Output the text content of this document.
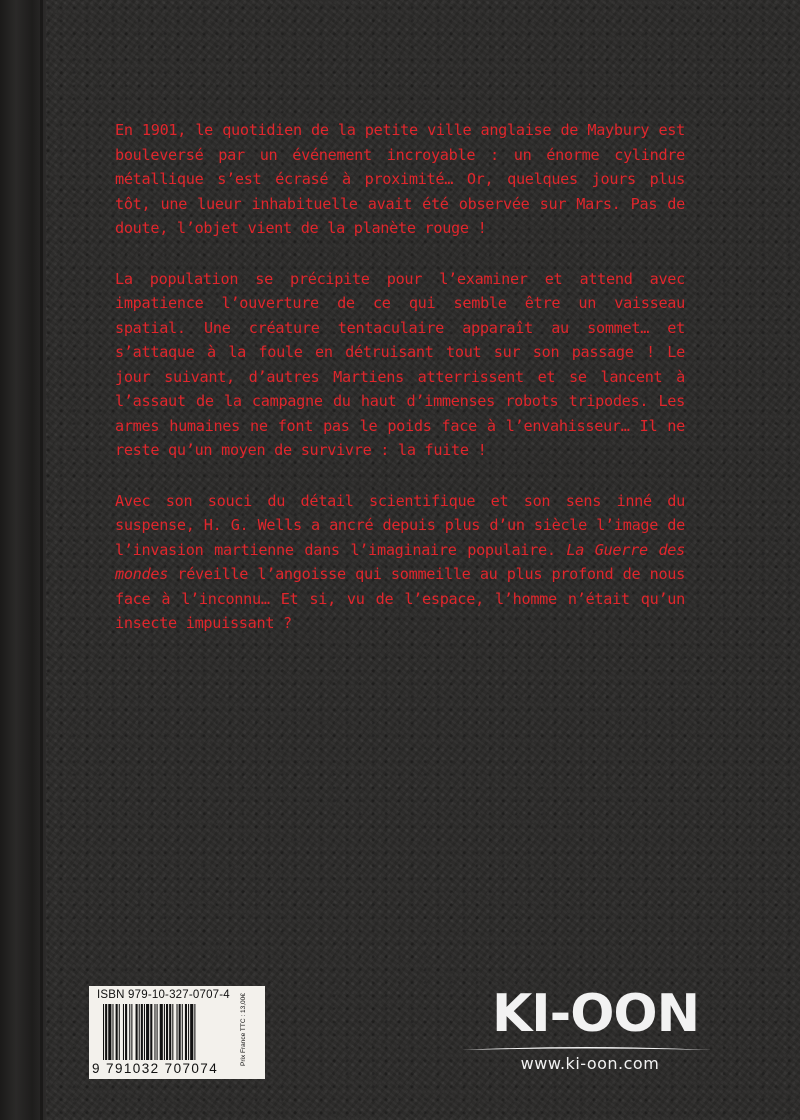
En 1901, le quotidien de la petite ville anglaise de Maybury est bouleversé par un événement incroyable : un énorme cylindre métallique s’est écrasé à proximité… Or, quelques jours plus tôt, une lueur inhabituelle avait été observée sur Mars. Pas de doute, l’objet vient de la planète rouge !

La population se précipite pour l’examiner et attend avec impatience l’ouverture de ce qui semble être un vaisseau spatial. Une créature tentaculaire apparaît au sommet… et s’attaque à la foule en détruisant tout sur son passage ! Le jour suivant, d’autres Martiens atterrissent et se lancent à l’assaut de la campagne du haut d’immenses robots tripodes. Les armes humaines ne font pas le poids face à l’envahisseur… Il ne reste qu’un moyen de survivre : la fuite !

Avec son souci du détail scientifique et son sens inné du suspense, H. G. Wells a ancré depuis plus d’un siècle l’image de l’invasion martienne dans l’imaginaire populaire. La Guerre des mondes réveille l’angoisse qui sommeille au plus profond de nous face à l’inconnu… Et si, vu de l’espace, l’homme n’était qu’un insecte impuissant ?

ISBN 979-10-327-0707-4
9 791032 707074
Prix France TTC : 13,00€	KI-OON
www.ki-oon.com
